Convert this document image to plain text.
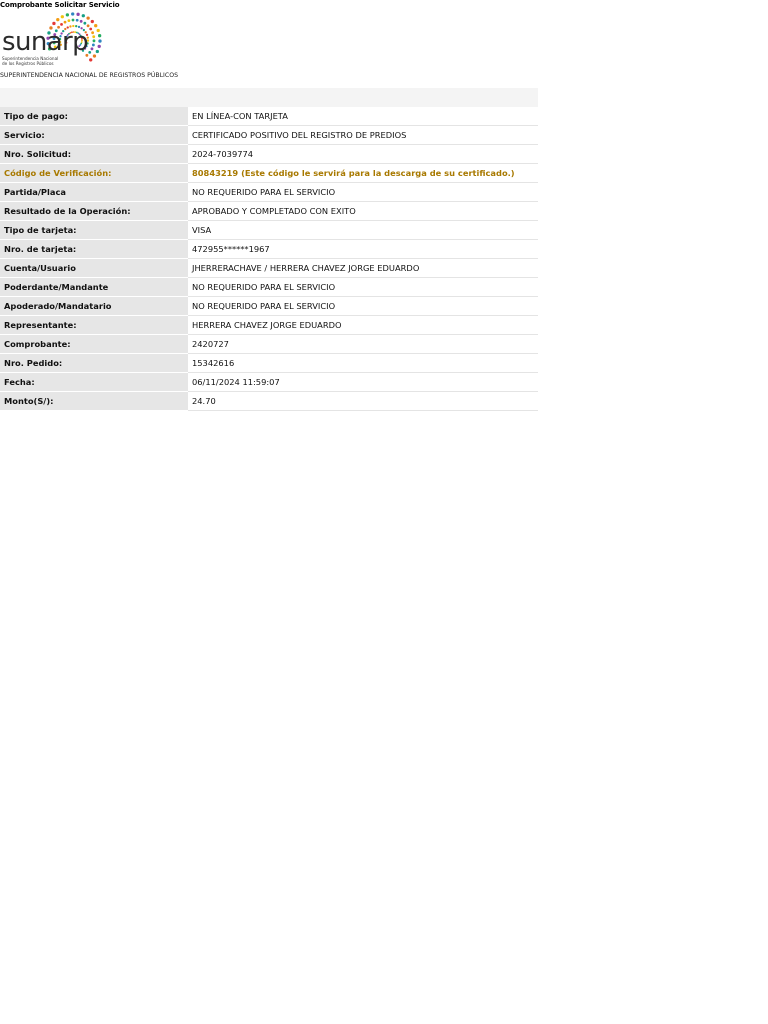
Comprobante Solicitar Servicio
sunarp
Superintendencia Nacional
de los Registros Públicos
SUPERINTENDENCIA NACIONAL DE REGISTROS PÚBLICOS

Tipo de pago:	EN LÍNEA-CON TARJETA
Servicio:	CERTIFICADO POSITIVO DEL REGISTRO DE PREDIOS
Nro. Solicitud:	2024-7039774
Código de Verificación:	80843219 (Este código le servirá para la descarga de su certificado.)
Partida/Placa	NO REQUERIDO PARA EL SERVICIO
Resultado de la Operación:	APROBADO Y COMPLETADO CON EXITO
Tipo de tarjeta:	VISA
Nro. de tarjeta:	472955******1967
Cuenta/Usuario	JHERRERACHAVE / HERRERA CHAVEZ JORGE EDUARDO
Poderdante/Mandante	NO REQUERIDO PARA EL SERVICIO
Apoderado/Mandatario	NO REQUERIDO PARA EL SERVICIO
Representante:	HERRERA CHAVEZ JORGE EDUARDO
Comprobante:	2420727
Nro. Pedido:	15342616
Fecha:	06/11/2024 11:59:07
Monto(S/):	24.70
